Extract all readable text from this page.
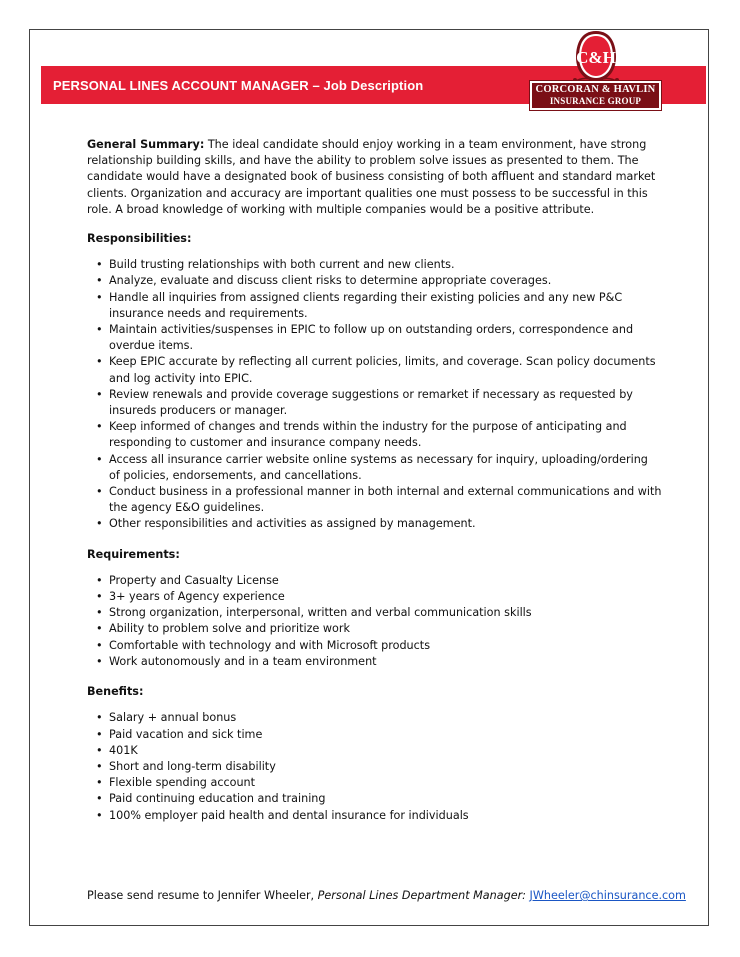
PERSONAL LINES ACCOUNT MANAGER – Job Description
C&H
CORCORAN & HAVLIN
INSURANCE GROUP

General Summary: The ideal candidate should enjoy working in a team environment, have strong relationship building skills, and have the ability to problem solve issues as presented to them. The candidate would have a designated book of business consisting of both affluent and standard market clients. Organization and accuracy are important qualities one must possess to be successful in this role. A broad knowledge of working with multiple companies would be a positive attribute.

Responsibilities:
• Build trusting relationships with both current and new clients.
• Analyze, evaluate and discuss client risks to determine appropriate coverages.
• Handle all inquiries from assigned clients regarding their existing policies and any new P&C insurance needs and requirements.
• Maintain activities/suspenses in EPIC to follow up on outstanding orders, correspondence and overdue items.
• Keep EPIC accurate by reflecting all current policies, limits, and coverage. Scan policy documents and log activity into EPIC.
• Review renewals and provide coverage suggestions or remarket if necessary as requested by insureds producers or manager.
• Keep informed of changes and trends within the industry for the purpose of anticipating and responding to customer and insurance company needs.
• Access all insurance carrier website online systems as necessary for inquiry, uploading/ordering of policies, endorsements, and cancellations.
• Conduct business in a professional manner in both internal and external communications and with the agency E&O guidelines.
• Other responsibilities and activities as assigned by management.
Requirements:
• Property and Casualty License
• 3+ years of Agency experience
• Strong organization, interpersonal, written and verbal communication skills
• Ability to problem solve and prioritize work
• Comfortable with technology and with Microsoft products
• Work autonomously and in a team environment
Benefits:
• Salary + annual bonus
• Paid vacation and sick time
• 401K
• Short and long-term disability
• Flexible spending account
• Paid continuing education and training
• 100% employer paid health and dental insurance for individuals
Please send resume to Jennifer Wheeler, Personal Lines Department Manager: JWheeler@chinsurance.com
